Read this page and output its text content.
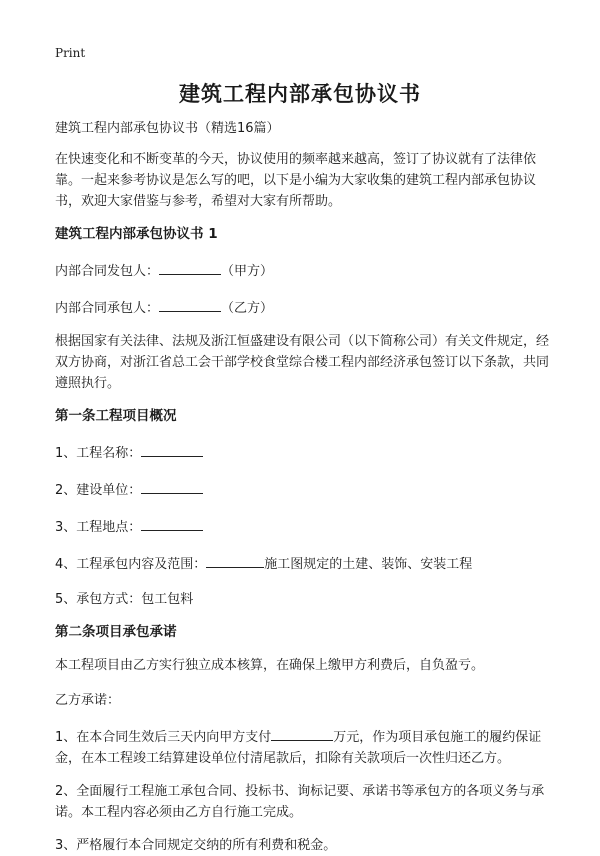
Print
建筑工程内部承包协议书

建筑工程内部承包协议书（精选16篇）

在快速变化和不断变革的今天，协议使用的频率越来越高，签订了协议就有了法律依靠。一起来参考协议是怎么写的吧，以下是小编为大家收集的建筑工程内部承包协议书，欢迎大家借鉴与参考，希望对大家有所帮助。

建筑工程内部承包协议书 1

内部合同发包人：	（甲方）

内部合同承包人：	（乙方）

根据国家有关法律、法规及浙江恒盛建设有限公司（以下简称公司）有关文件规定，经双方协商，对浙江省总工会干部学校食堂综合楼工程内部经济承包签订以下条款，共同遵照执行。

第一条工程项目概况

1、工程名称：

2、建设单位：

3、工程地点：

4、工程承包内容及范围：	施工图规定的土建、装饰、安装工程

5、承包方式：包工包料

第二条项目承包承诺

本工程项目由乙方实行独立成本核算，在确保上缴甲方利费后，自负盈亏。

乙方承诺：

1、在本合同生效后三天内向甲方支付	万元，作为项目承包施工的履约保证金，在本工程竣工结算建设单位付清尾款后，扣除有关款项后一次性归还乙方。

2、全面履行工程施工承包合同、投标书、询标记要、承诺书等承包方的各项义务与承诺。本工程内容必须由乙方自行施工完成。

3、严格履行本合同规定交纳的所有利费和税金。
